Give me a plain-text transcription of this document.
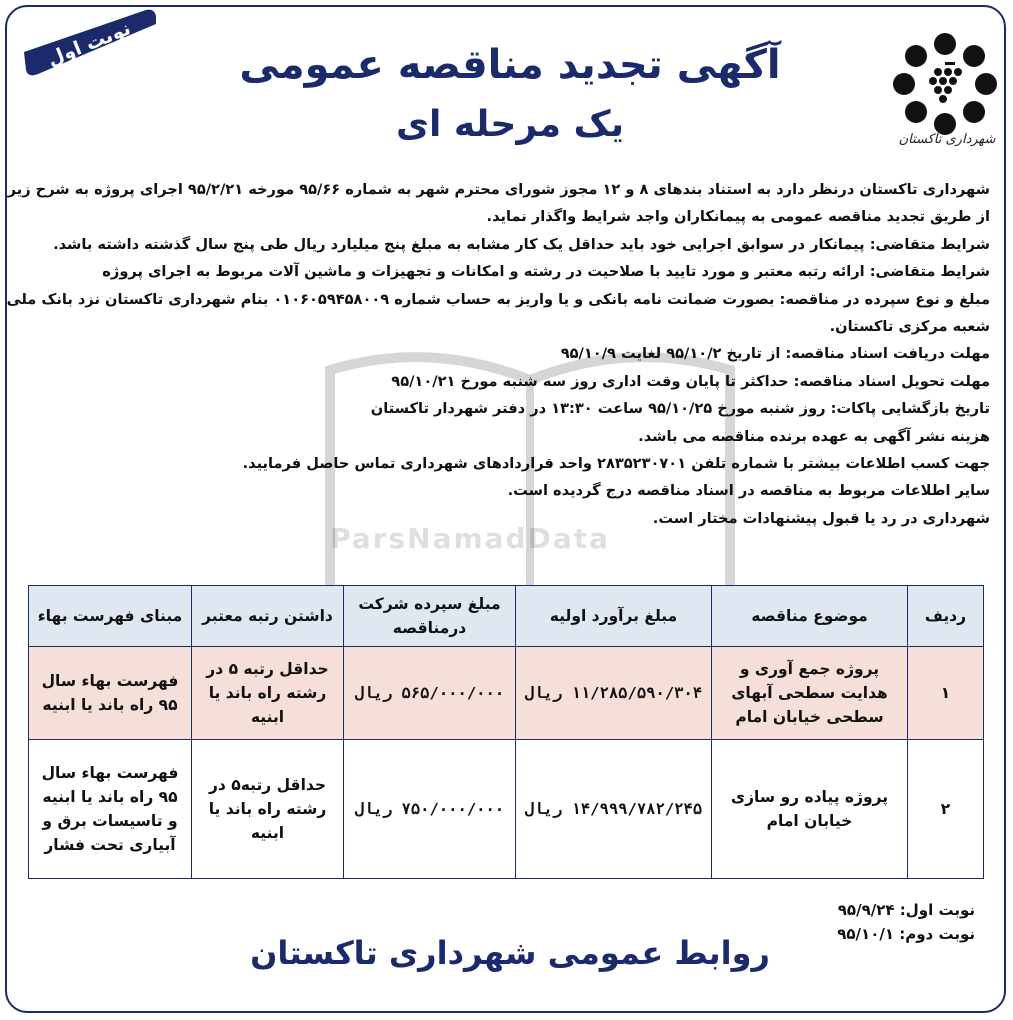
نوبت اول
شهرداری تاکستان
آگهی تجدید مناقصه عمومی
یک مرحله ای
ParsNamadData
شهرداری تاکستان درنظر دارد به استناد بندهای ۸ و ۱۲ مجوز شورای محترم شهر به شماره ۹۵/۶۶ مورخه ۹۵/۲/۲۱ اجرای پروژه به شرح زیر
از طریق تجدید مناقصه عمومی به پیمانکاران واجد شرایط واگذار نماید.
شرایط متقاضی: پیمانکار در سوابق اجرایی خود باید حداقل یک کار مشابه به مبلغ پنج میلیارد ریال طی پنج سال گذشته داشته باشد.
شرایط متقاضی: ارائه رتبه معتبر و مورد تایید با صلاحیت در رشته و امکانات و تجهیزات و ماشین آلات مربوط به اجرای پروژه
مبلغ و نوع سپرده در مناقصه: بصورت ضمانت نامه بانکی و یا واریز به حساب شماره ۰۱۰۶۰۵۹۴۵۸۰۰۹ بنام شهرداری تاکستان نزد بانک ملی
شعبه مرکزی تاکستان.
مهلت دریافت اسناد مناقصه: از تاریخ ۹۵/۱۰/۲ لغایت ۹۵/۱۰/۹
مهلت تحویل اسناد مناقصه: حداکثر تا پایان وقت اداری روز سه شنبه مورخ ۹۵/۱۰/۲۱
تاریخ بازگشایی پاکات: روز شنبه مورخ ۹۵/۱۰/۲۵ ساعت ۱۳:۳۰ در دفتر شهردار تاکستان
هزینه نشر آگهی به عهده برنده مناقصه می باشد.
جهت کسب اطلاعات بیشتر با شماره تلفن ۲۸۳۵۲۳۰۷۰۱ واحد قراردادهای شهرداری تماس حاصل فرمایید.
سایر اطلاعات مربوط به مناقصه در اسناد مناقصه درج گردیده است.
شهرداری در رد یا قبول پیشنهادات مختار است.
ردیف	موضوع مناقصه	مبلغ برآورد اولیه	مبلغ سپرده شرکت درمناقصه	داشتن رتبه معتبر	مبنای فهرست بهاء
۱	پروژه جمع آوری و هدایت سطحی آبهای سطحی خیابان امام	۱۱/۲۸۵/۵۹۰/۳۰۴ ریال	۵۶۵/۰۰۰/۰۰۰ ریال	حداقل رتبه ۵ در رشته راه باند یا ابنیه	فهرست بهاء سال ۹۵ راه باند یا ابنیه
۲	پروژه پیاده رو سازی خیابان امام	۱۴/۹۹۹/۷۸۲/۲۴۵ ریال	۷۵۰/۰۰۰/۰۰۰ ریال	حداقل رتبه۵ در رشته راه باند یا ابنیه	فهرست بهاء سال ۹۵ راه باند یا ابنیه و تاسیسات برق و آبیاری تحت فشار
نوبت اول: ۹۵/۹/۲۴
نوبت دوم: ۹۵/۱۰/۱
روابط عمومی شهرداری تاکستان
